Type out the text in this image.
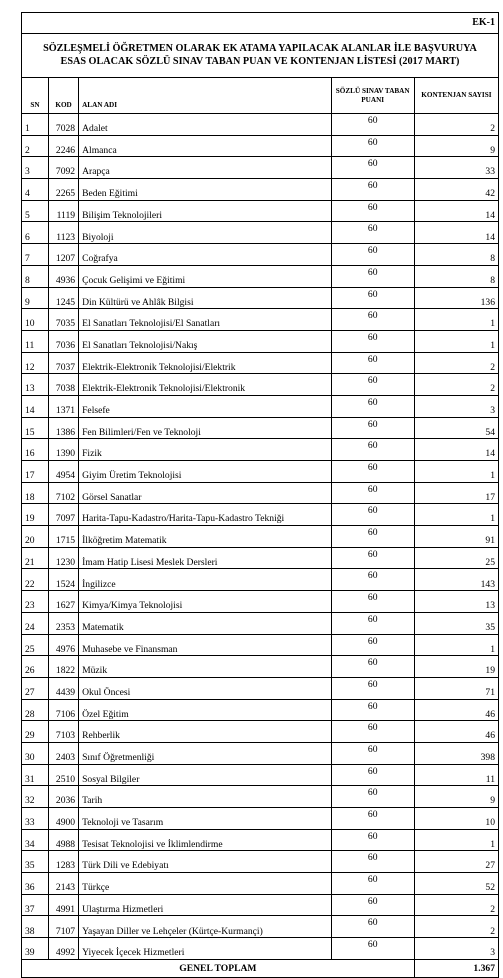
EK-1				

SÖZLEŞMELİ ÖĞRETMEN OLARAK EK ATAMA YAPILACAK ALANLAR İLE BAŞVURUYA
ESAS OLACAK SÖZLÜ SINAV TABAN PUAN VE KONTENJAN LİSTESİ (2017 MART)				

SN	KOD	ALAN ADI	SÖZLÜ SINAV TABAN PUANI	KONTENJAN SAYISI
1	7028	Adalet	60	2
2	2246	Almanca	60	9
3	7092	Arapça	60	33
4	2265	Beden Eğitimi	60	42
5	1119	Bilişim Teknolojileri	60	14
6	1123	Biyoloji	60	14
7	1207	Coğrafya	60	8
8	4936	Çocuk Gelişimi ve Eğitimi	60	8
9	1245	Din Kültürü ve Ahlâk Bilgisi	60	136
10	7035	El Sanatları Teknolojisi/El Sanatları	60	1
11	7036	El Sanatları Teknolojisi/Nakış	60	1
12	7037	Elektrik-Elektronik Teknolojisi/Elektrik	60	2
13	7038	Elektrik-Elektronik Teknolojisi/Elektronik	60	2
14	1371	Felsefe	60	3
15	1386	Fen Bilimleri/Fen ve Teknoloji	60	54
16	1390	Fizik	60	14
17	4954	Giyim Üretim Teknolojisi	60	1
18	7102	Görsel Sanatlar	60	17
19	7097	Harita-Tapu-Kadastro/Harita-Tapu-Kadastro Tekniği	60	1
20	1715	İlköğretim Matematik	60	91
21	1230	İmam Hatip Lisesi Meslek Dersleri	60	25
22	1524	İngilizce	60	143
23	1627	Kimya/Kimya Teknolojisi	60	13
24	2353	Matematik	60	35
25	4976	Muhasebe ve Finansman	60	1
26	1822	Müzik	60	19
27	4439	Okul Öncesi	60	71
28	7106	Özel Eğitim	60	46
29	7103	Rehberlik	60	46
30	2403	Sınıf Öğretmenliği	60	398
31	2510	Sosyal Bilgiler	60	11
32	2036	Tarih	60	9
33	4900	Teknoloji ve Tasarım	60	10
34	4988	Tesisat Teknolojisi ve İklimlendirme	60	1
35	1283	Türk Dili ve Edebiyatı	60	27
36	2143	Türkçe	60	52
37	4991	Ulaştırma Hizmetleri	60	2
38	7107	Yaşayan Diller ve Lehçeler (Kürtçe-Kurmançi)	60	2
39	4992	Yiyecek İçecek Hizmetleri	60	3
GENEL TOPLAM				1.367
